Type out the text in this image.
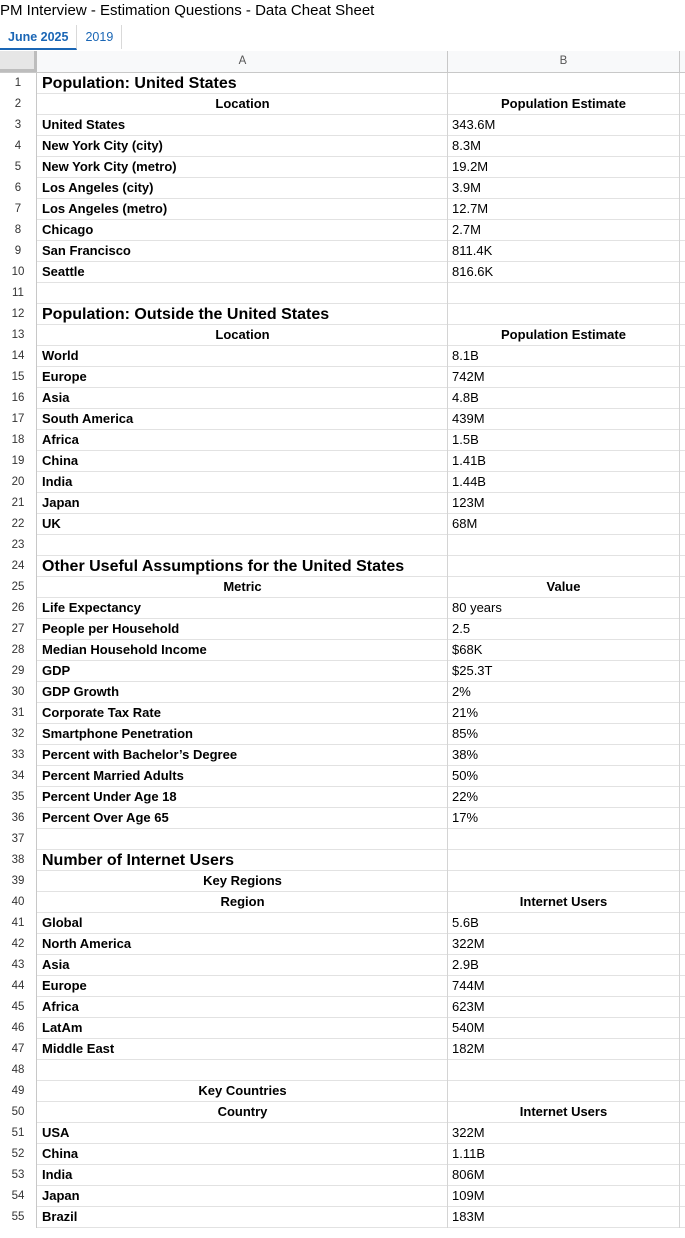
PM Interview - Estimation Questions - Data Cheat Sheet
June 2025	2019
A	B
1	Population: United States
2	Location	Population Estimate
3	United States	343.6M
4	New York City (city)	8.3M
5	New York City (metro)	19.2M
6	Los Angeles (city)	3.9M
7	Los Angeles (metro)	12.7M
8	Chicago	2.7M
9	San Francisco	811.4K
10	Seattle	816.6K
11
12	Population: Outside the United States
13	Location	Population Estimate
14	World	8.1B
15	Europe	742M
16	Asia	4.8B
17	South America	439M
18	Africa	1.5B
19	China	1.41B
20	India	1.44B
21	Japan	123M
22	UK	68M
23
24	Other Useful Assumptions for the United States
25	Metric	Value
26	Life Expectancy	80 years
27	People per Household	2.5
28	Median Household Income	$68K
29	GDP	$25.3T
30	GDP Growth	2%
31	Corporate Tax Rate	21%
32	Smartphone Penetration	85%
33	Percent with Bachelor’s Degree	38%
34	Percent Married Adults	50%
35	Percent Under Age 18	22%
36	Percent Over Age 65	17%
37
38	Number of Internet Users
39	Key Regions
40	Region	Internet Users
41	Global	5.6B
42	North America	322M
43	Asia	2.9B
44	Europe	744M
45	Africa	623M
46	LatAm	540M
47	Middle East	182M
48
49	Key Countries
50	Country	Internet Users
51	USA	322M
52	China	1.11B
53	India	806M
54	Japan	109M
55	Brazil	183M
